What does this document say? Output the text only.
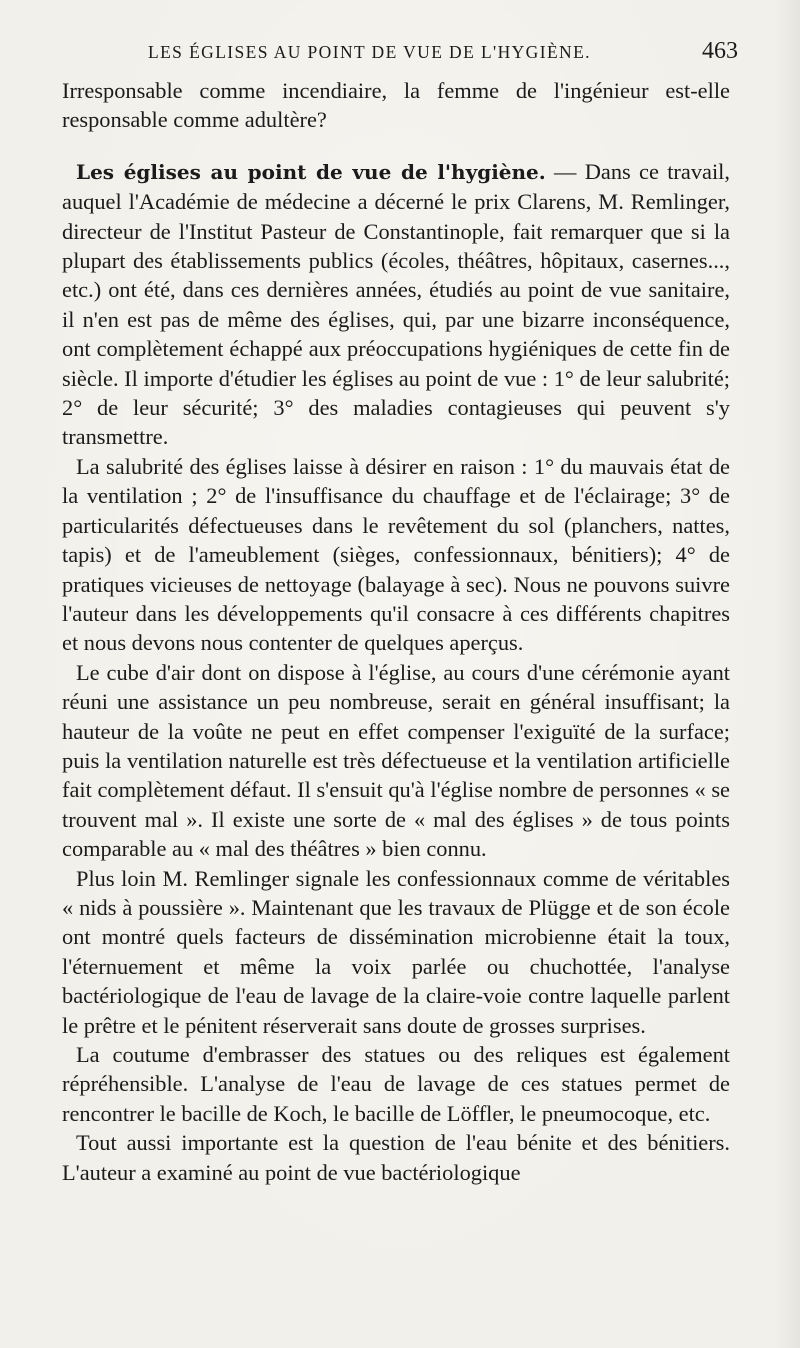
LES ÉGLISES AU POINT DE VUE DE L'HYGIÈNE.	463

Irresponsable comme incendiaire, la femme de l'ingénieur est-elle responsable comme adultère?

Les églises au point de vue de l'hygiène. — Dans ce travail, auquel l'Académie de médecine a décerné le prix Clarens, M. Remlinger, directeur de l'Institut Pasteur de Constantinople, fait remarquer que si la plupart des établissements publics (écoles, théâtres, hôpitaux, casernes..., etc.) ont été, dans ces dernières années, étudiés au point de vue sanitaire, il n'en est pas de même des églises, qui, par une bizarre inconséquence, ont complètement échappé aux préoccupations hygiéniques de cette fin de siècle. Il importe d'étudier les églises au point de vue : 1° de leur salubrité; 2° de leur sécurité; 3° des maladies contagieuses qui peuvent s'y transmettre.

La salubrité des églises laisse à désirer en raison : 1° du mauvais état de la ventilation ; 2° de l'insuffisance du chauffage et de l'éclairage; 3° de particularités défectueuses dans le revêtement du sol (planchers, nattes, tapis) et de l'ameublement (sièges, confessionnaux, bénitiers); 4° de pratiques vicieuses de nettoyage (balayage à sec). Nous ne pouvons suivre l'auteur dans les développements qu'il consacre à ces différents chapitres et nous devons nous contenter de quelques aperçus.

Le cube d'air dont on dispose à l'église, au cours d'une cérémonie ayant réuni une assistance un peu nombreuse, serait en général insuffisant; la hauteur de la voûte ne peut en effet compenser l'exiguïté de la surface; puis la ventilation naturelle est très défectueuse et la ventilation artificielle fait complètement défaut. Il s'ensuit qu'à l'église nombre de personnes « se trouvent mal ». Il existe une sorte de « mal des églises » de tous points comparable au « mal des théâtres » bien connu.

Plus loin M. Remlinger signale les confessionnaux comme de véritables « nids à poussière ». Maintenant que les travaux de Plügge et de son école ont montré quels facteurs de dissémination microbienne était la toux, l'éternuement et même la voix parlée ou chuchottée, l'analyse bactériologique de l'eau de lavage de la claire-voie contre laquelle parlent le prêtre et le pénitent réserverait sans doute de grosses surprises.

La coutume d'embrasser des statues ou des reliques est également répréhensible. L'analyse de l'eau de lavage de ces statues permet de rencontrer le bacille de Koch, le bacille de Löffler, le pneumocoque, etc.

Tout aussi importante est la question de l'eau bénite et des bénitiers. L'auteur a examiné au point de vue bactériologique
